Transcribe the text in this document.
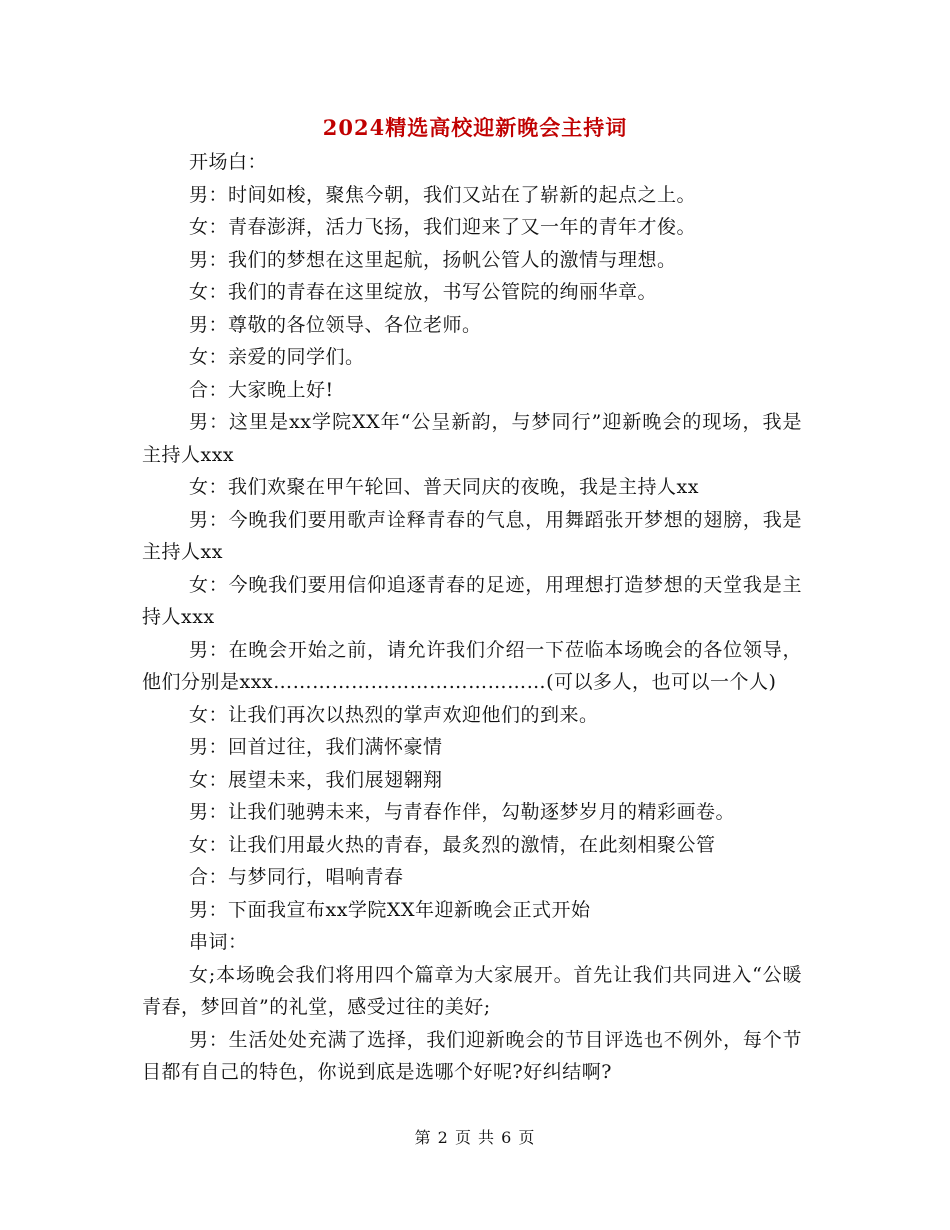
2024精选高校迎新晚会主持词

开场白：

男：时间如梭，聚焦今朝，我们又站在了崭新的起点之上。

女：青春澎湃，活力飞扬，我们迎来了又一年的青年才俊。

男：我们的梦想在这里起航，扬帆公管人的激情与理想。

女：我们的青春在这里绽放，书写公管院的绚丽华章。

男：尊敬的各位领导、各位老师。

女：亲爱的同学们。

合：大家晚上好!

男：这里是xx学院XX年“公呈新韵，与梦同行”迎新晚会的现场，我是主持人xxx

女：我们欢聚在甲午轮回、普天同庆的夜晚，我是主持人xx

男：今晚我们要用歌声诠释青春的气息，用舞蹈张开梦想的翅膀，我是主持人xx

女：今晚我们要用信仰追逐青春的足迹，用理想打造梦想的天堂我是主持人xxx

男：在晚会开始之前，请允许我们介绍一下莅临本场晚会的各位领导，他们分别是xxx……………………………………(可以多人，也可以一个人)

女：让我们再次以热烈的掌声欢迎他们的到来。

男：回首过往，我们满怀豪情

女：展望未来，我们展翅翱翔

男：让我们驰骋未来，与青春作伴，勾勒逐梦岁月的精彩画卷。

女：让我们用最火热的青春，最炙烈的激情，在此刻相聚公管

合：与梦同行，唱响青春

男：下面我宣布xx学院XX年迎新晚会正式开始

串词：

女;本场晚会我们将用四个篇章为大家展开。首先让我们共同进入“公暖青春，梦回首”的礼堂，感受过往的美好;

男：生活处处充满了选择，我们迎新晚会的节目评选也不例外，每个节目都有自己的特色，你说到底是选哪个好呢?好纠结啊?

第 2 页 共 6 页
